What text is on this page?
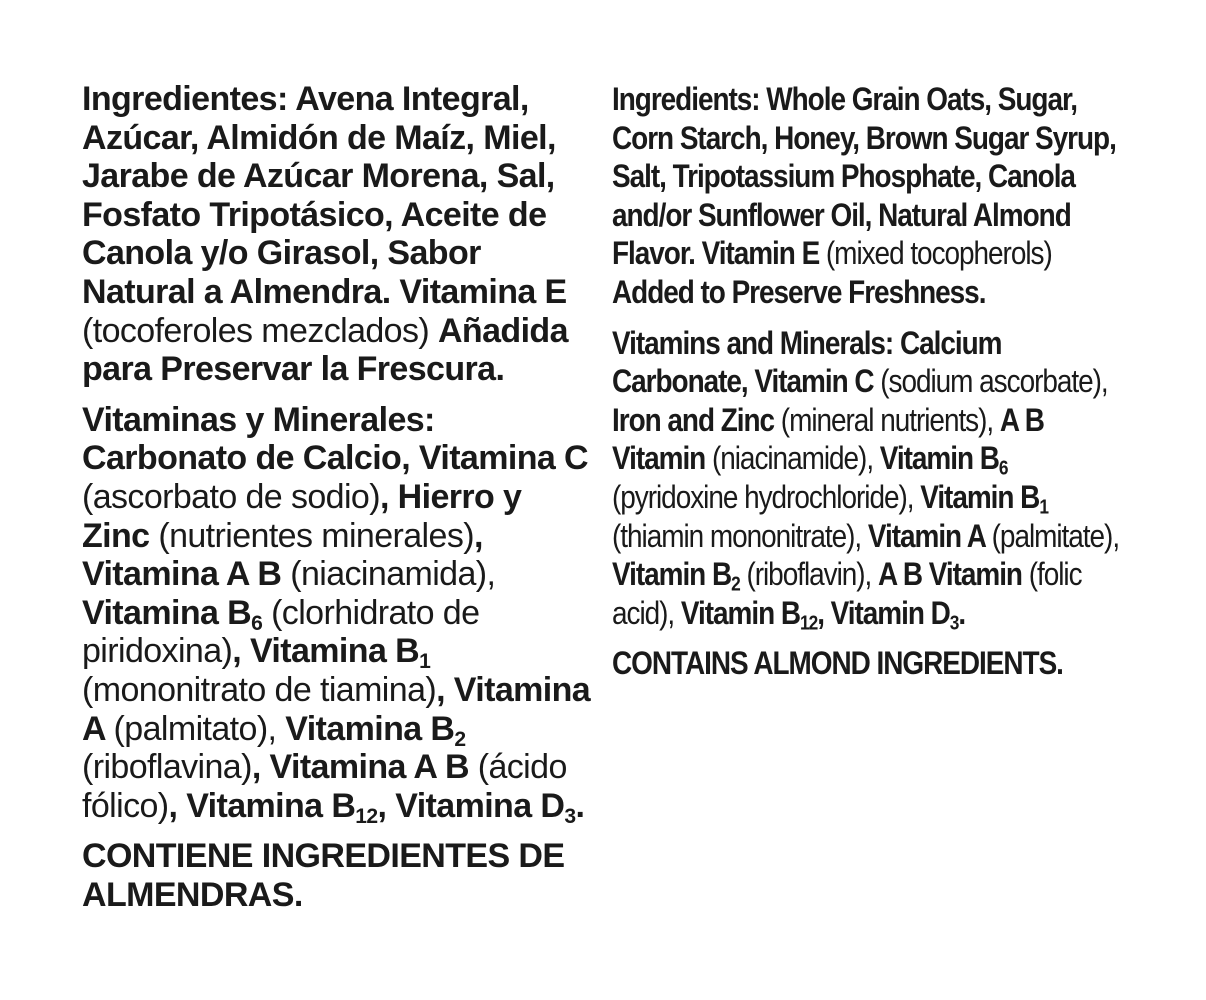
Ingredientes: Avena Integral,
Azúcar, Almidón de Maíz, Miel,
Jarabe de Azúcar Morena, Sal,
Fosfato Tripotásico, Aceite de
Canola y/o Girasol, Sabor
Natural a Almendra. Vitamina E
(tocoferoles mezclados) Añadida
para Preservar la Frescura.
Vitaminas y Minerales:
Carbonato de Calcio, Vitamina C
(ascorbato de sodio), Hierro y
Zinc (nutrientes minerales),
Vitamina A B (niacinamida),
Vitamina $B_6$ (clorhidrato de
piridoxina), Vitamina $B_1$
(mononitrato de tiamina), Vitamina
A (palmitato), Vitamina $B_2$
(riboflavina), Vitamina A B (ácido
fólico), Vitamina $B_{12}$, Vitamina $D_3$.
CONTIENE INGREDIENTES DE
ALMENDRAS.
Ingredients: Whole Grain Oats, Sugar,
Corn Starch, Honey, Brown Sugar Syrup,
Salt, Tripotassium Phosphate, Canola
and/or Sunflower Oil, Natural Almond
Flavor. Vitamin E (mixed tocopherols)
Added to Preserve Freshness.
Vitamins and Minerals: Calcium
Carbonate, Vitamin C (sodium ascorbate),
Iron and Zinc (mineral nutrients), A B
Vitamin (niacinamide), Vitamin $B_6$
(pyridoxine hydrochloride), Vitamin $B_1$
(thiamin mononitrate), Vitamin A (palmitate),
Vitamin $B_2$ (riboflavin), A B Vitamin (folic
acid), Vitamin $B_{12}$, Vitamin $D_3$.
CONTAINS ALMOND INGREDIENTS.
